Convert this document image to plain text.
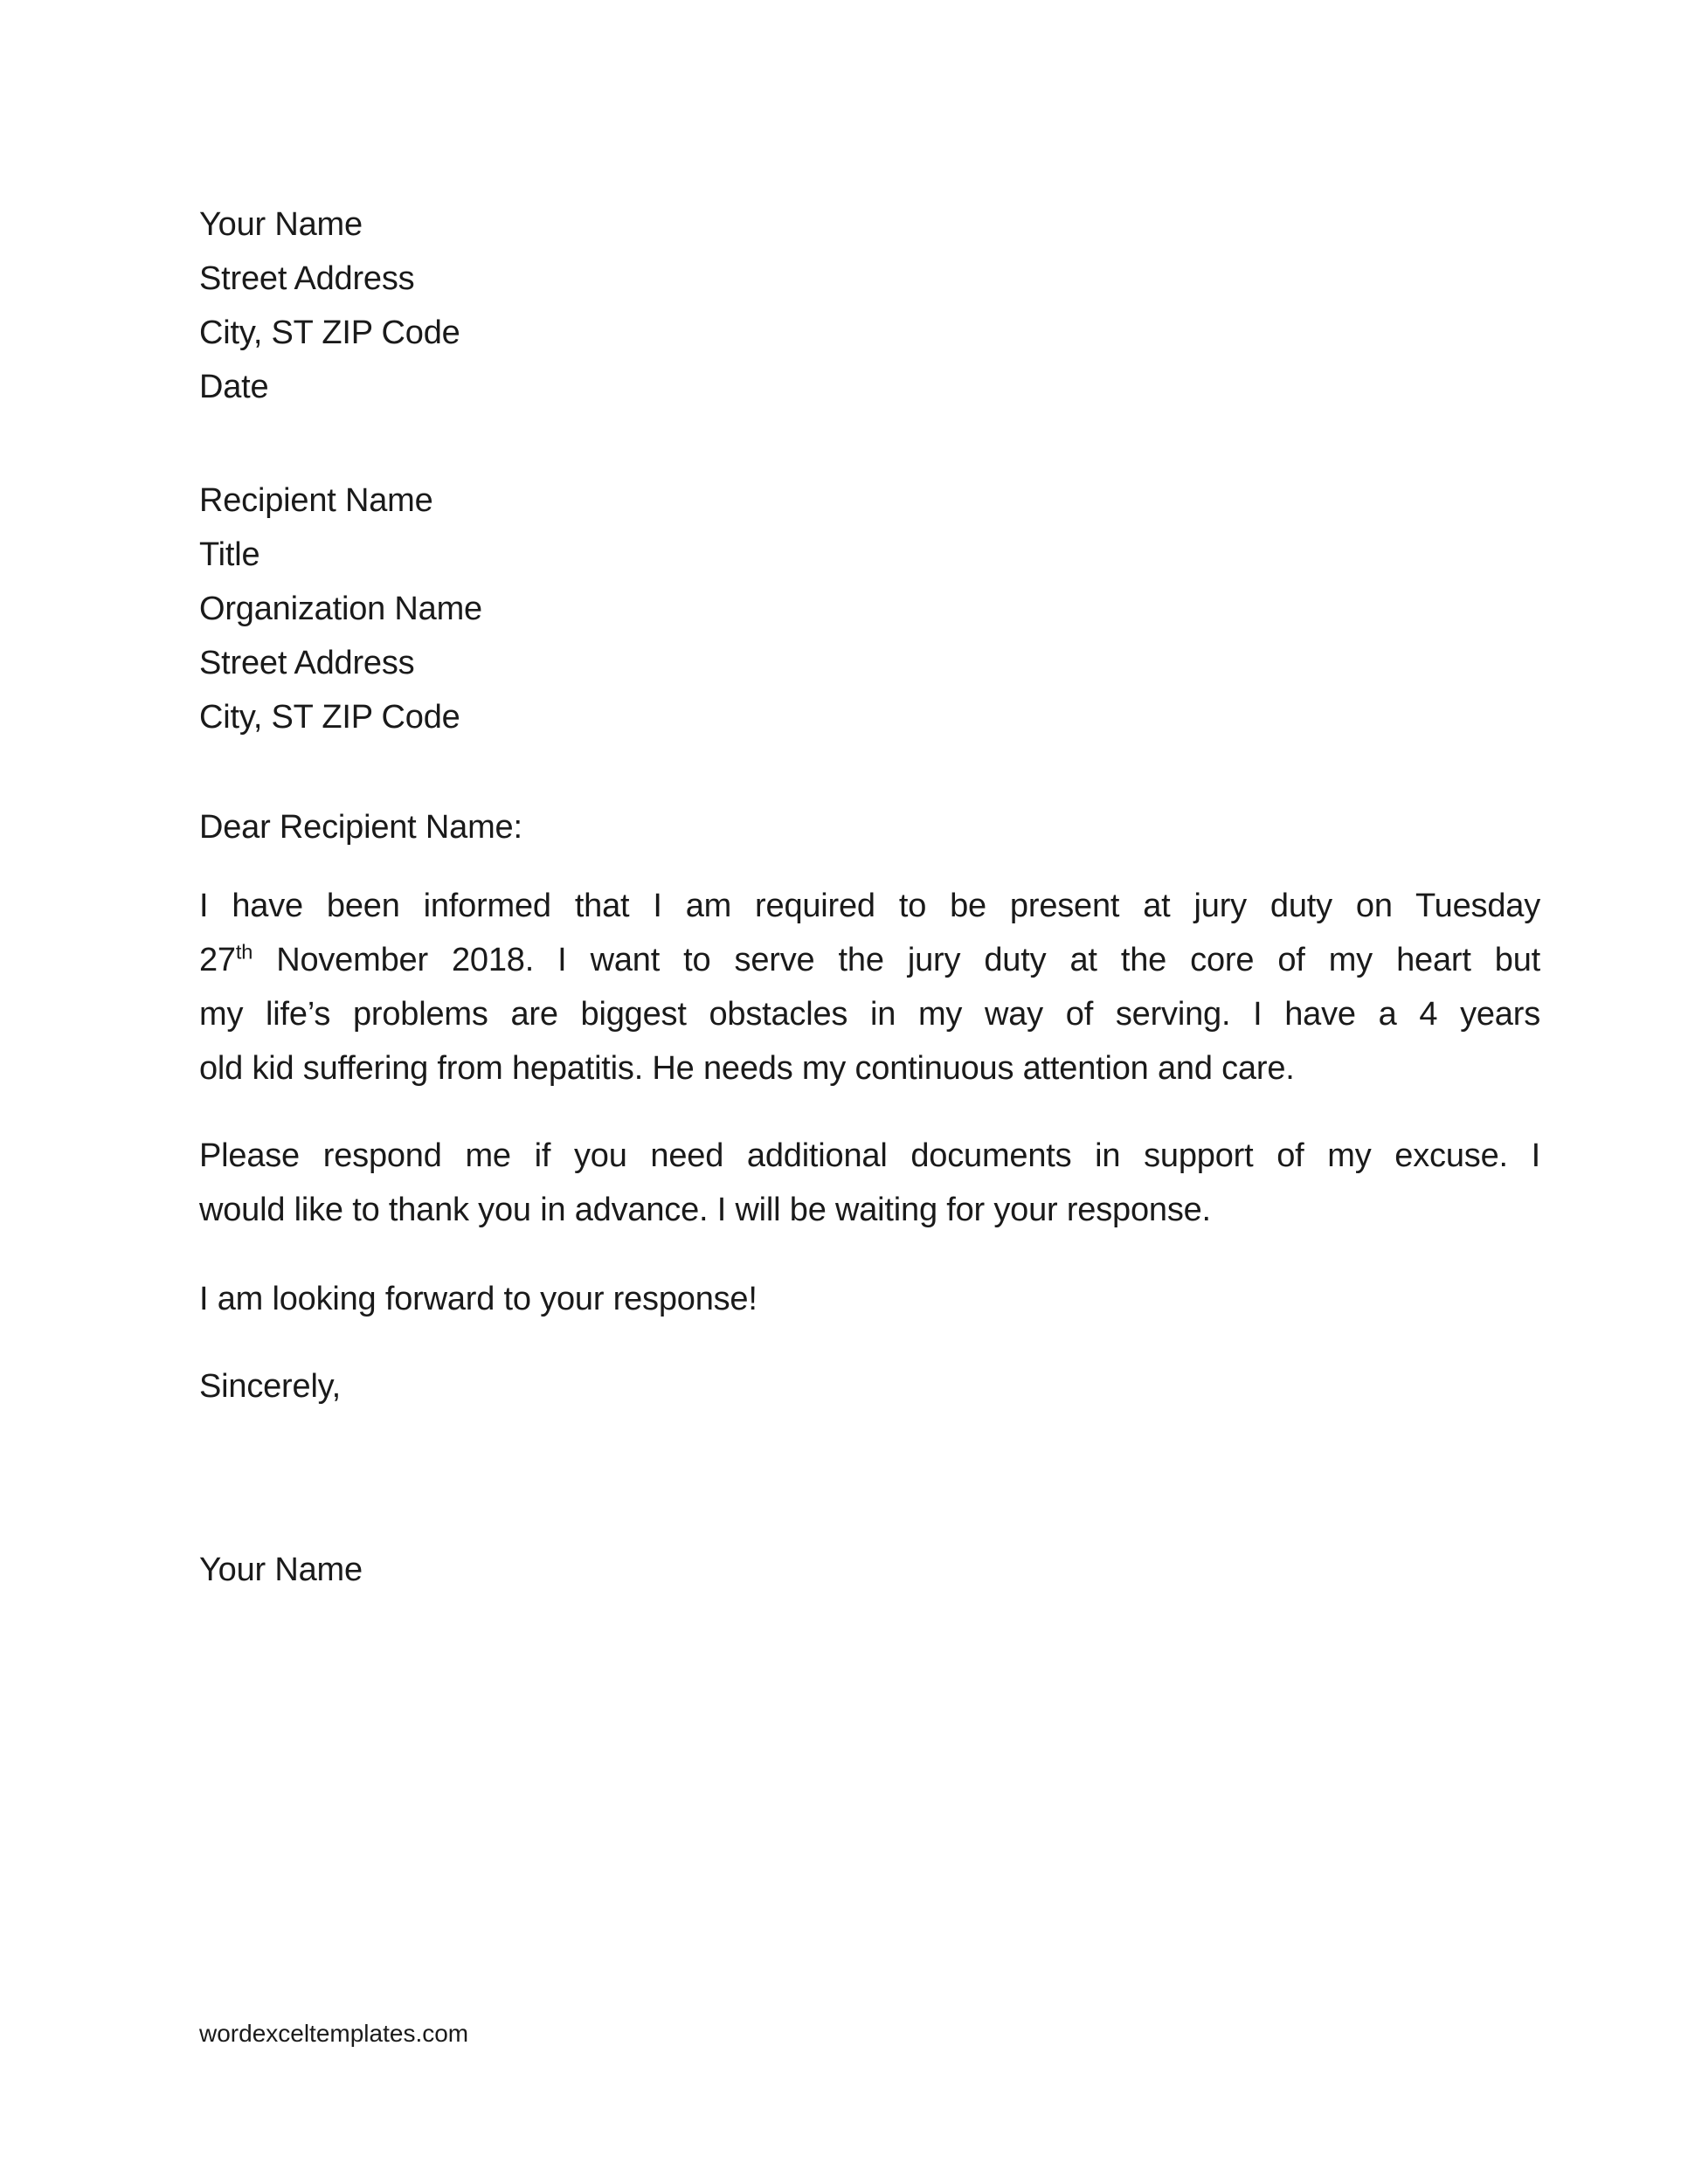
Your Name
Street Address
City, ST ZIP Code
Date
Recipient Name
Title
Organization Name
Street Address
City, ST ZIP Code
Dear Recipient Name:
I have been informed that I am required to be present at jury duty on Tuesday
27th November 2018. I want to serve the jury duty at the core of my heart but
my life’s problems are biggest obstacles in my way of serving. I have a 4 years
old kid suffering from hepatitis. He needs my continuous attention and care.
Please respond me if you need additional documents in support of my excuse. I
would like to thank you in advance. I will be waiting for your response.
I am looking forward to your response!
Sincerely,
Your Name
wordexceltemplates.com
